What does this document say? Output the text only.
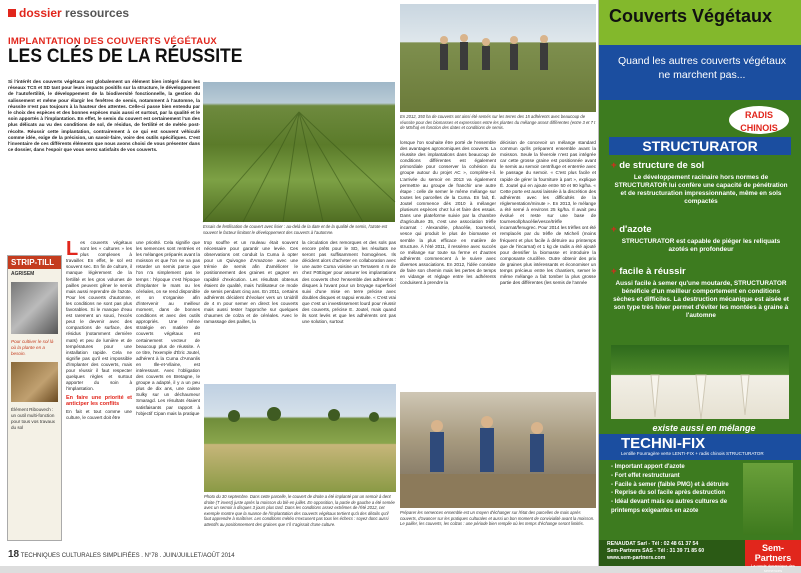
dossier ressources
IMPLANTATION DES COUVERTS VÉGÉTAUX
LES CLÉS DE LA RÉUSSITE
Si l'intérêt des couverts végétaux est globalement un élément bien intégré dans les réseaux TCS et SD tant pour leurs impacts positifs sur la structure, le développement de l'autofertilité, le développement de la biodiversité fonctionnelle, la gestion du salissement et même pour élargir les fenêtres de semis, notamment à l'automne, la réussite n'est pas toujours à la hauteur des attentes. Celle-ci passe bien entendu par le choix des espèces et des bonnes espèces mais aussi et surtout, par la qualité et le soin apportés à l'implantation. En effet, le semis du couvert est certainement l'un des plus délicats au vu des conditions de sol, de résidus, de fertilité et de météo post-récolte. Réussir cette implantation, contrairement à ce qui est souvent véhiculé comme idée, exige de la précision, un savoir-faire, voire des outils spécifiques. C'est l'inventaire de ces différents éléments que nous avons choisi de vous présenter dans ce dossier, dans l'espoir que vous serez satisfaits de vos couverts.
Essais de fertilisation de couvert avec lisier : au-delà de la date et de la qualité de semis, l'azote est souvent le facteur limitant le développement des couverts à l'automne.

Les couverts végétaux sont les « cultures » les plus complexes à travailler. En effet, le sol est souvent sec. En fin de culture, il manque légèrement de la fertilité et les gros volumes de pailles peuvent gêner le semis mais aussi reprendre de l'azote. Pour les couverts d'automne, les conditions ne sont pas plus favorables. Si le manque d'eau est rarement un souci, l'excès peut le devenir avec des compactions de surface, des résidus (notamment dernière maïs) et peu de lumière et de températures pour une installation rapide. Cela ne signifie pas qu'il est impossible d'implanter des couverts, mais pour réussir il faut respecter quelques règles et surtout apporter du soin à l'implantation.

En faire une priorité et anticiper les conflits

En fait et tout comme une culture, le couvert doit être

une priorité. Cela signifie que les semences sont rentrées et les mélanges préparés avant la moisson et que l'on ne va pas retarder un semis parce que l'on n'a simplement pas le temps : l'époque c'est l'époque d'implanter le maïs ou les céréales, on se rend disponible et on s'organise afin d'intervenir au meilleur moment, dans de bonnes conditions et avec des outils appropriés. Une même stratégie en matière de couverts végétaux est certainement vecteur de beaucoup plus de réussite. À ce titre, l'exemple d'Éric Joutel, adhérent à la Cuma d'Amanlis en Ille-et-Vilaine, est intéressant. Avec l'obligation des couverts en Bretagne, le groupe a adapté, il y a un peu plus de dix ans, une caisse Sulky sur un déchaumeur Smaragd. Les résultats étaient satisfaisants par rapport à l'objectif Cipan mais la pratique

trop souffre et un rouleau était souvent nécessaire pour garantir une levée. Ces observations ont conduit la Cuma à opter pour un Quivogne d'Amazone avec une trémie de semis afin d'améliorer le positionnement des graines et gagner en rapidité d'exécution. Les résultats obtenus étaient de qualité, mais l'utilisateur ce mode de semis pendant cinq ans. En 2011, certains adhérents décident d'évoluer vers un Unidrill de 4 m pour semer en direct les couverts mais aussi tester l'approche sur quelques chaumes de colza et de céréales. Avec le ramassage des pailles, la

la circulation des remorques et des sols pas encore prêts pour le SD, les résultats ne seront pas suffisamment homogènes. Ils décident alors d'acheter en collaboration avec une autre Cuma voisine un Terrasem 4 m de chez Pöttinger pour assurer les implantations des couverts chez l'ensemble des adhérents : disques à l'avant pour un broyage superficiel suivi d'une mise en terre précise avec doubles disques et rappui ensuite. « C'est vrai que c'est un investissement lourd pour réussir des couverts, précise E. Joutel, mais quand ils sont levés et que les adhérents ont pas une solution, surtout

STRIP-TILL
AGRISEM
Pour cultiver le sol là où la plante en a besoin.
Élément Ribouvech : un outil multi-fonction pour tous vos travaux du sol
Photo du 30 septembre. Dans cette parcelle, le couvert de droite a été implanté par un semoir à dent droite (T invest) juste après la moisson du blé en juillet. En opposition, la partie de gauche a été semée avec un semoir à disques 3 jours plus tard. Dans les conditions assez extrêmes de l'été 2012, cet exemple montre que la nuance de l'implantation des couverts végétaux tertient qu'à des détails qu'il faut apprendre à maîtriser. Les conditions météo n'excusent pas tous les échecs : soyez donc aussi attentifs au positionnement des graines que s'il s'agissait d'une culture.
18 TECHNIQUES CULTURALES SIMPLIFIÉES . N°78 . JUIN/JUILLET/AOÛT 2014
En 2012, 350 ha de couverts ont ainsi été semés sur les terres des 15 adhérents avec beaucoup de réussite pour des biomasses et expressions entre les plantes du mélange assez différentes (entre 3 et 7 t de MS/ha) en fonction des dates et conditions de semis.

lorsque l'on souhaite être porté de l'ensemble des avantages agronomiques des couverts. La réussite des implantations dans beaucoup de conditions différentes est également primordiale pour conserver la cohésion du groupe autour du projet AC », complète-t-il. L'arrivée du semoir en 2013 va également permettre au groupe de franchir une autre étape : celle de semer le même mélange sur toutes les parcelles de la Cuma. En fait, É. Joutel commence dès 2010 à mélanger plusieurs espèces chez lui et faire des essais. Dans une plateforme suivie par la chambre d'agriculture 35, c'est une association trèfle incarnat : Alexandrie, phacélie, tournesol, vesce qui produit le plus de biomasse et semble la plus efficace en matière de structure. À l'été 2011, il ressème avec succès ce mélange sur toute sa ferme et d'autres adhérents commencent à le suivre avec diverses associations. En 2012, l'idée consiste de faire son chemin mais les pertes de temps en vidange et réglage entre les adhérents conduisent à prendre la

décision de concevoir un mélange standard commun qu'ils préparent ensemble avant la moisson. Seule la féverole n'est pas intégrée car cette grosse graine est positionnée avant le semis au semoir centrifuge et enterrée avec le passage du semoir. « C'est plus facile et rapide de gérer la fourniture à part », explique É. Joutel qui en ajoute entre 50 et 90 kg/ha. « Cette porte est aussi laissée à la discrétion des adhérents avec les difficultés de la réglementation/minute ». En 2013, le mélange a été semé à environs 25 kg/ha. Il avait peu évolué et reste sur une base de tournesol/phacélie/vesce/trèfle incarnat/fenugrec. Pour 2014 les trèfles ont été remplacés par du trèfle de Michelí (moins fréquent et plus facile à détruire au printemps que de l'incarnat) et 1 kg de radis a été ajouté pour densifier la biomasse et introduire la composante crucifère. Outre obtenir des prix de graines plus intéressants et économiser un temps précieux entre les chantiers, semer le même mélange a fait tomber la plus grosse partie des différentes (les semis de l'année

Préparer les semences ensemble est un moyen d'échanger sur l'état des parcelles de mais après couverts, d'avancer sur les pratiques culturales et aussi un bon moment de convivialité avant la moisson. Le pailler, les couverts, les colzas : une période bien remplie où les temps d'échange seront limités.
Couverts Végétaux
Quand les autres couverts végétaux ne marchent pas...
RADIS CHINOIS
STRUCTURATOR
+ de structure de sol
Le développement racinaire hors normes de STRUCTURATOR lui confère une capacité de pénétration et de restructuration impressionnante, même en sols compactés
+ d'azote
STRUCTURATOR est capable de piéger les reliquats azotés en profondeur
+ facile à réussir
Aussi facile à semer qu'une moutarde, STRUCTURATOR bénéficie d'un meilleur comportement en conditions sèches et difficiles. La destruction mécanique est aisée et son type très hiver permet d'éviter les montées à graine à l'automne
existe aussi en mélange
TECHNI-FIX
Lentille Fourragère verte LENTI-FIX + radis chinois STRUCTURATOR
- Important apport d'azote
- Fort effet restructurant
- Facile à semer (faible PMG) et à détruire
- Reprise du sol facile après destruction
- Idéal devant mais ou autres cultures de printemps exigeantes en azote
RENAUDAT Sarl - Tél : 02 48 61 37 54
Sem-Partners SAS - Tél : 31 39 71 85 60
www.sem-partners.com
Sem-Partners
La ronde dynamique des semences
